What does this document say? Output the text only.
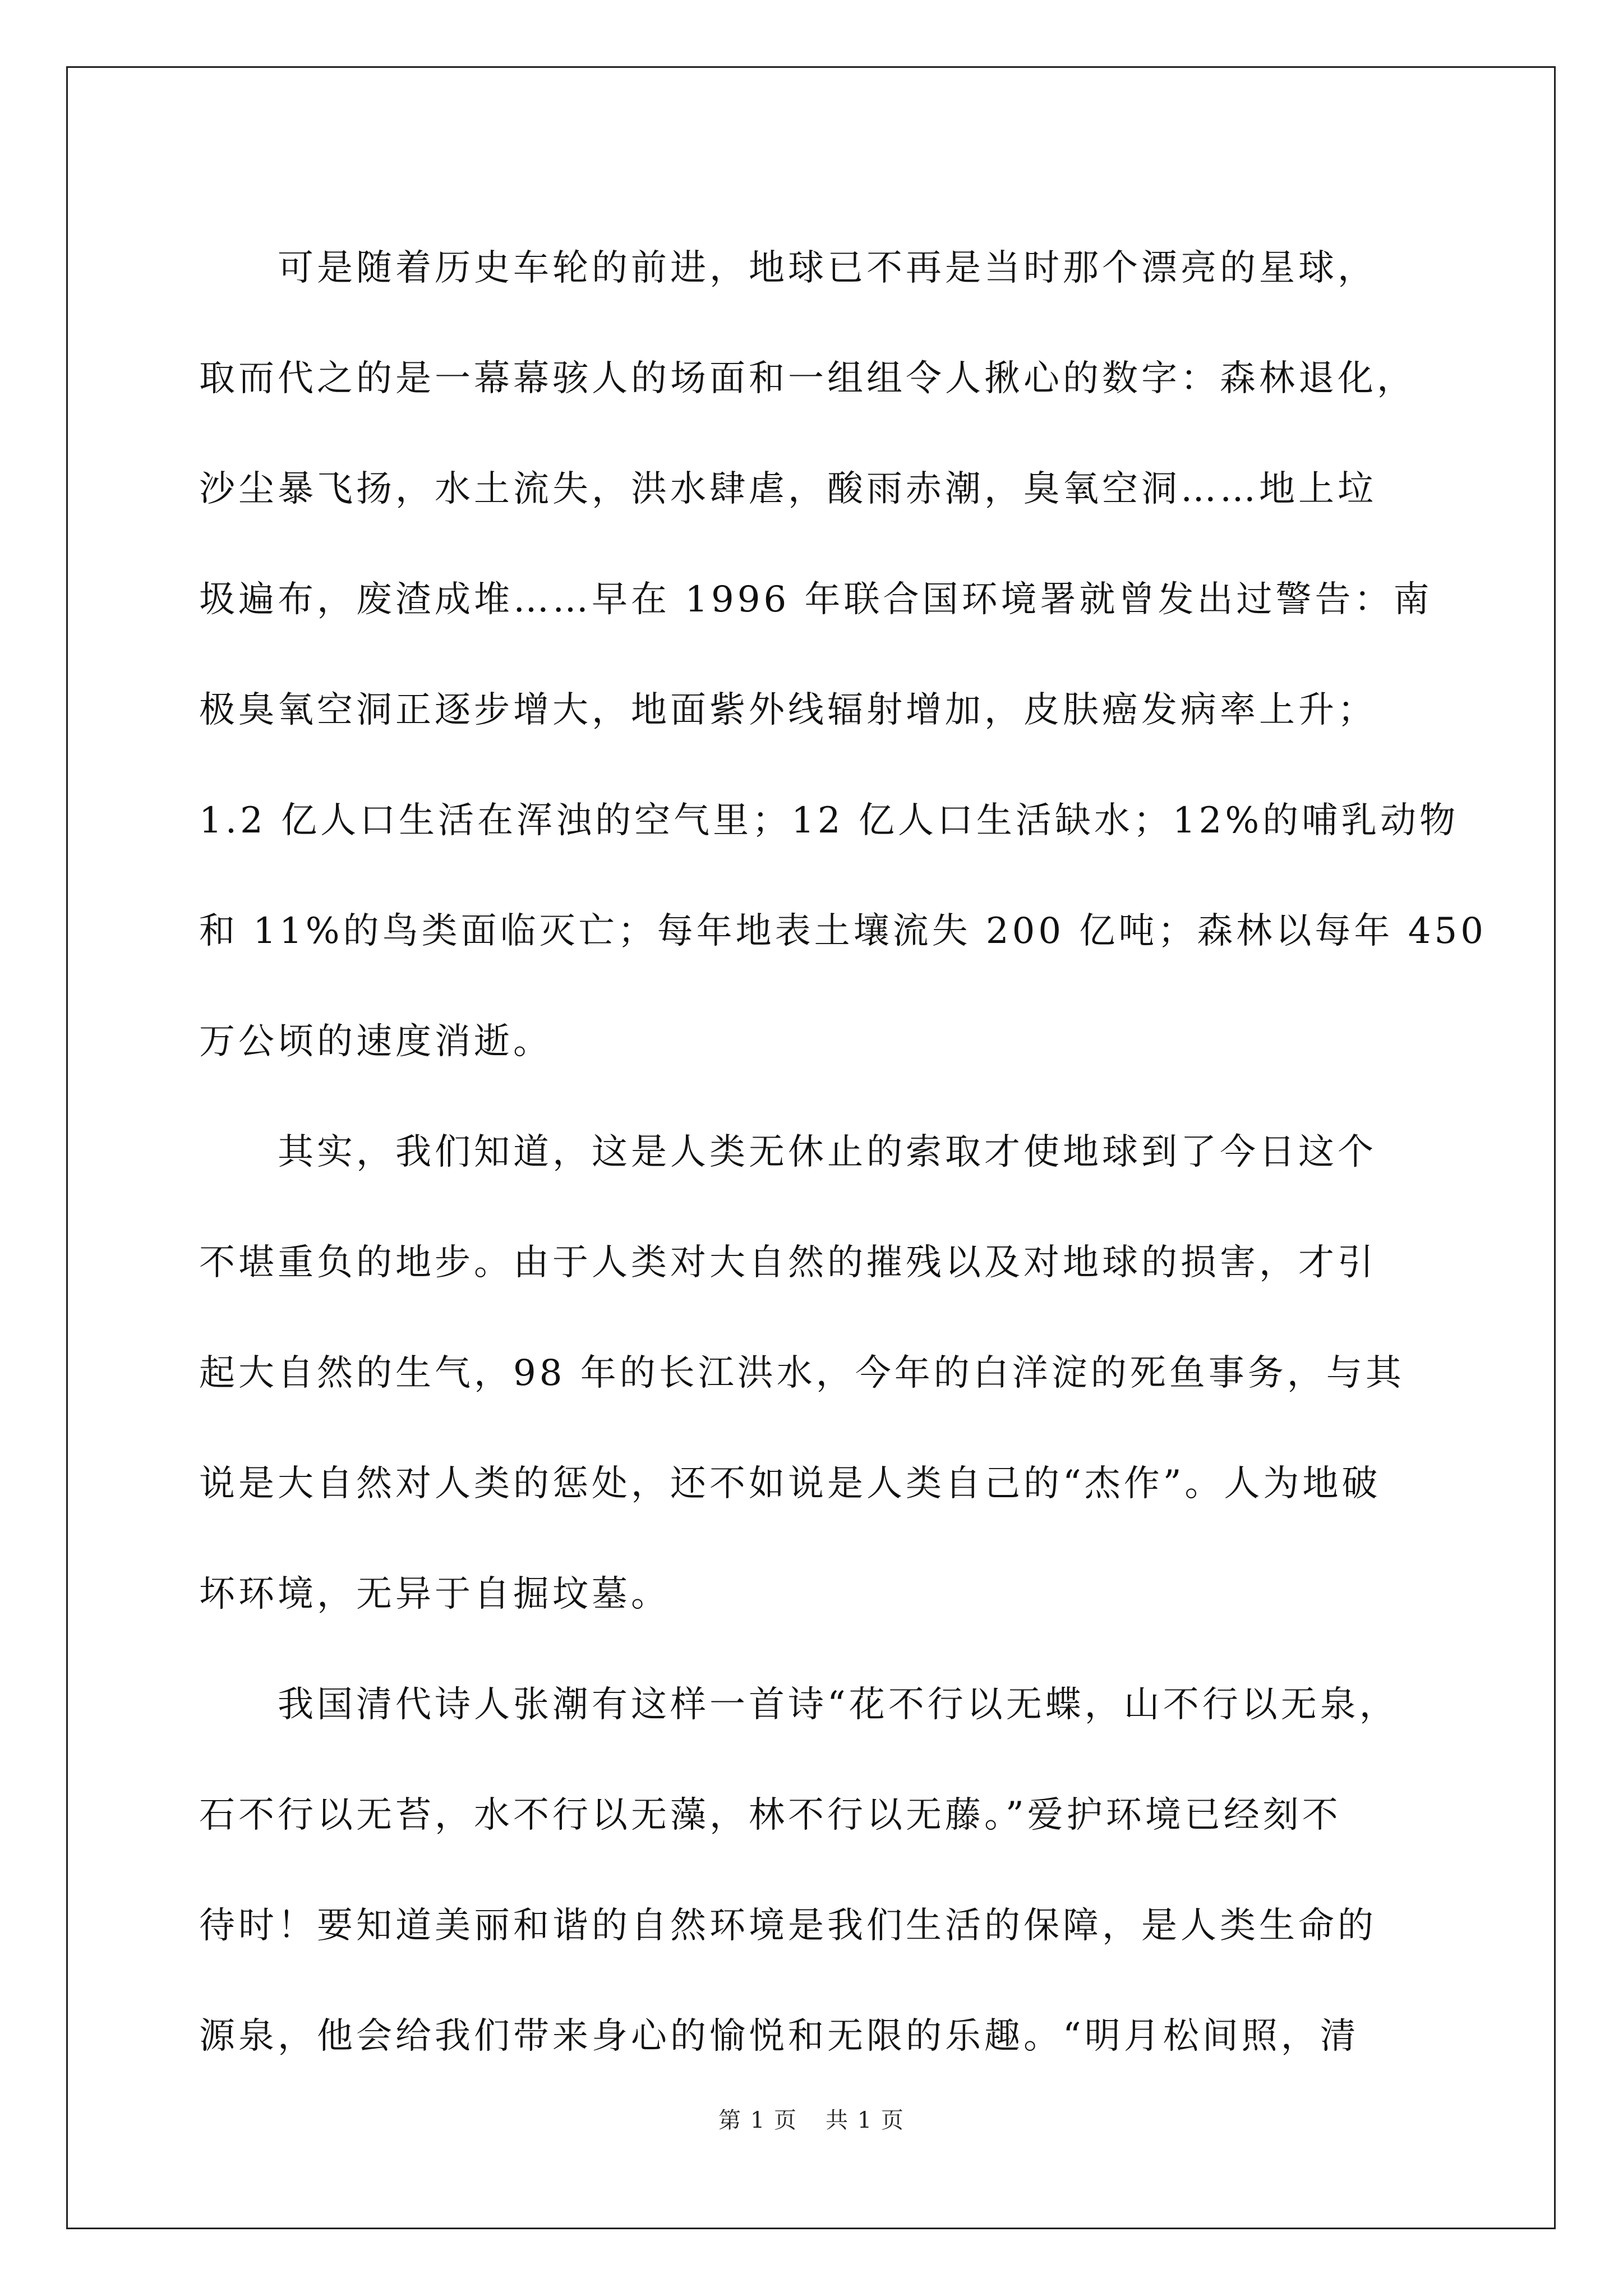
　　可是随着历史车轮的前进，地球已不再是当时那个漂亮的星球，
取而代之的是一幕幕骇人的场面和一组组令人揪心的数字：森林退化，
沙尘暴飞扬，水土流失，洪水肆虐，酸雨赤潮，臭氧空洞……地上垃
圾遍布，废渣成堆……早在 1996 年联合国环境署就曾发出过警告：南
极臭氧空洞正逐步增大，地面紫外线辐射增加，皮肤癌发病率上升；
1.2 亿人口生活在浑浊的空气里；12 亿人口生活缺水；12%的哺乳动物
和 11%的鸟类面临灭亡；每年地表土壤流失 200 亿吨；森林以每年 450
万公顷的速度消逝。
　　其实，我们知道，这是人类无休止的索取才使地球到了今日这个
不堪重负的地步。由于人类对大自然的摧残以及对地球的损害，才引
起大自然的生气，98 年的长江洪水，今年的白洋淀的死鱼事务，与其
说是大自然对人类的惩处，还不如说是人类自己的“杰作”。人为地破
坏环境，无异于自掘坟墓。
　　我国清代诗人张潮有这样一首诗“花不行以无蝶，山不行以无泉，
石不行以无苔，水不行以无藻，林不行以无藤。”爱护环境已经刻不
待时！要知道美丽和谐的自然环境是我们生活的保障，是人类生命的
源泉，他会给我们带来身心的愉悦和无限的乐趣。“明月松间照，清
第 1 页 共 1 页
